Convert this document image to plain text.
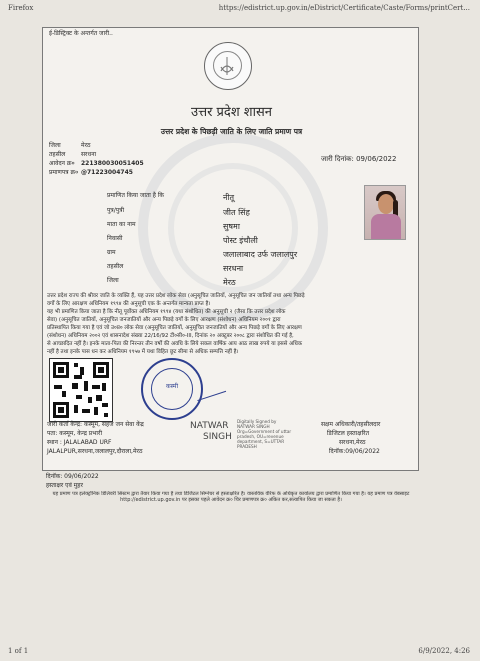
Firefox	https://edistrict.up.gov.in/eDistrict/Certificate/Caste/Forms/printCert...
ई-डिस्ट्रिक्ट के अन्तर्गत जारी..
उत्तर प्रदेश शासन
उत्तर प्रदेश के पिछड़ी जाति के लिए जाति प्रमाण पत्र
जिला	मेरठ
तहसील	सरधना
आवेदन क्र० 221380030051405
प्रमाणपत्र क्र० @71223004745
जारी दिनांक: 09/06/2022
प्रमाणित किया जाता है कि	नीतू
पुत्र/पुत्री	जीत सिंह
माता का नाम	सुषमा
निवासी	पोस्ट इंचौली
ग्राम	जलालाबाद उर्फ जलालपुर
तहसील	सरधना
जिला	मेरठ
उत्तर प्रदेश राज्य की श्रीवर जाति के व्यक्ति हैं, यह उत्तर प्रदेश लोक सेवा (अनुसूचित जातियों, अनुसूचित जन जातियों तथा अन्य पिछड़े
वर्गों के लिए आरक्षण अधिनियम १९९४ की अनुसूची एक के अन्तर्गत मान्यता प्राप्त है।
यह भी प्रमाणित किया जाता है कि नीतू पूर्वोक्त अधिनियम १९९४ (यथा संशोधित) की अनुसूची २ (जैसा कि उत्तर प्रदेश लोक
सेवा) (अनुसूचित जातियों, अनुसूचित जनजातियों और अन्य पिछड़े वर्गों के लिए आरक्षण (संशोधन) अधिनियम २००१ द्वारा
प्रतिस्थापित किया गया है एवं जो उ०प्र० लोक सेवा (अनुसूचित जातियों, अनुसूचित जनजातियों और अन्य पिछड़े वर्गों के लिए आरक्षण
(संशोधन) अधिनियम २००२ एवं शासनादेश संख्या 22/16/92 टी०सी०-III, दिनांक २० अक्टूबर २००८ द्वारा संशोधित की गई है,
से आच्छादित नहीं है। इनके माता-पिता की निरन्तर तीन वर्षों की अवधि के लिये सकल वार्षिक आय आठ लाख रुपये या इससे अधिक
नहीं है तथा इनके पास धन कर अधिनियम १९५७ में यथा विहित छूट सीमा से अधिक सम्पत्ति नहीं है।
कस्मी
जारी कर्ता केन्द्र: कस्मूम, सहज जन सेवा केंद्र
पता: कस्मूम, केन्द्र प्रभारी
स्थान : JALALABAD URF
JALALPUR,सरधना,जलालपुर,दौराला,मेरठ
NATWAR
SINGH
Digitally Signed by
NATWAR SINGH
Org=Government of uttar
pradesh, OU=revenue
department, S=UTTAR
PRADESH
सक्षम अधिकारी/तहसीलदार
डिजिटल हस्ताक्षरित
सरधना,मेरठ
दिनॉक:09/06/2022
दिनॉक: 09/06/2022
हस्ताक्षर एवं मुहर
यह प्रमाण पत्र इलेक्ट्रॉनिक डिलिवरी सिस्टम द्वारा तैयार किया गया है तथा डिजिटल सिग्नेचर से हस्ताक्षरित है। वास्तविक वेरिफ के अधिकृत कार्यालय द्वारा प्रमाणित किया गया है। यह प्रमाण पत्र वेबसाइट http://edistrict.up.gov.in पर इसका पहले आवेदन क्र० चिर प्रमाणपत्र क्र० अंकित कर,सत्यापित किया जा सकता है।
1 of 1	6/9/2022, 4:26
